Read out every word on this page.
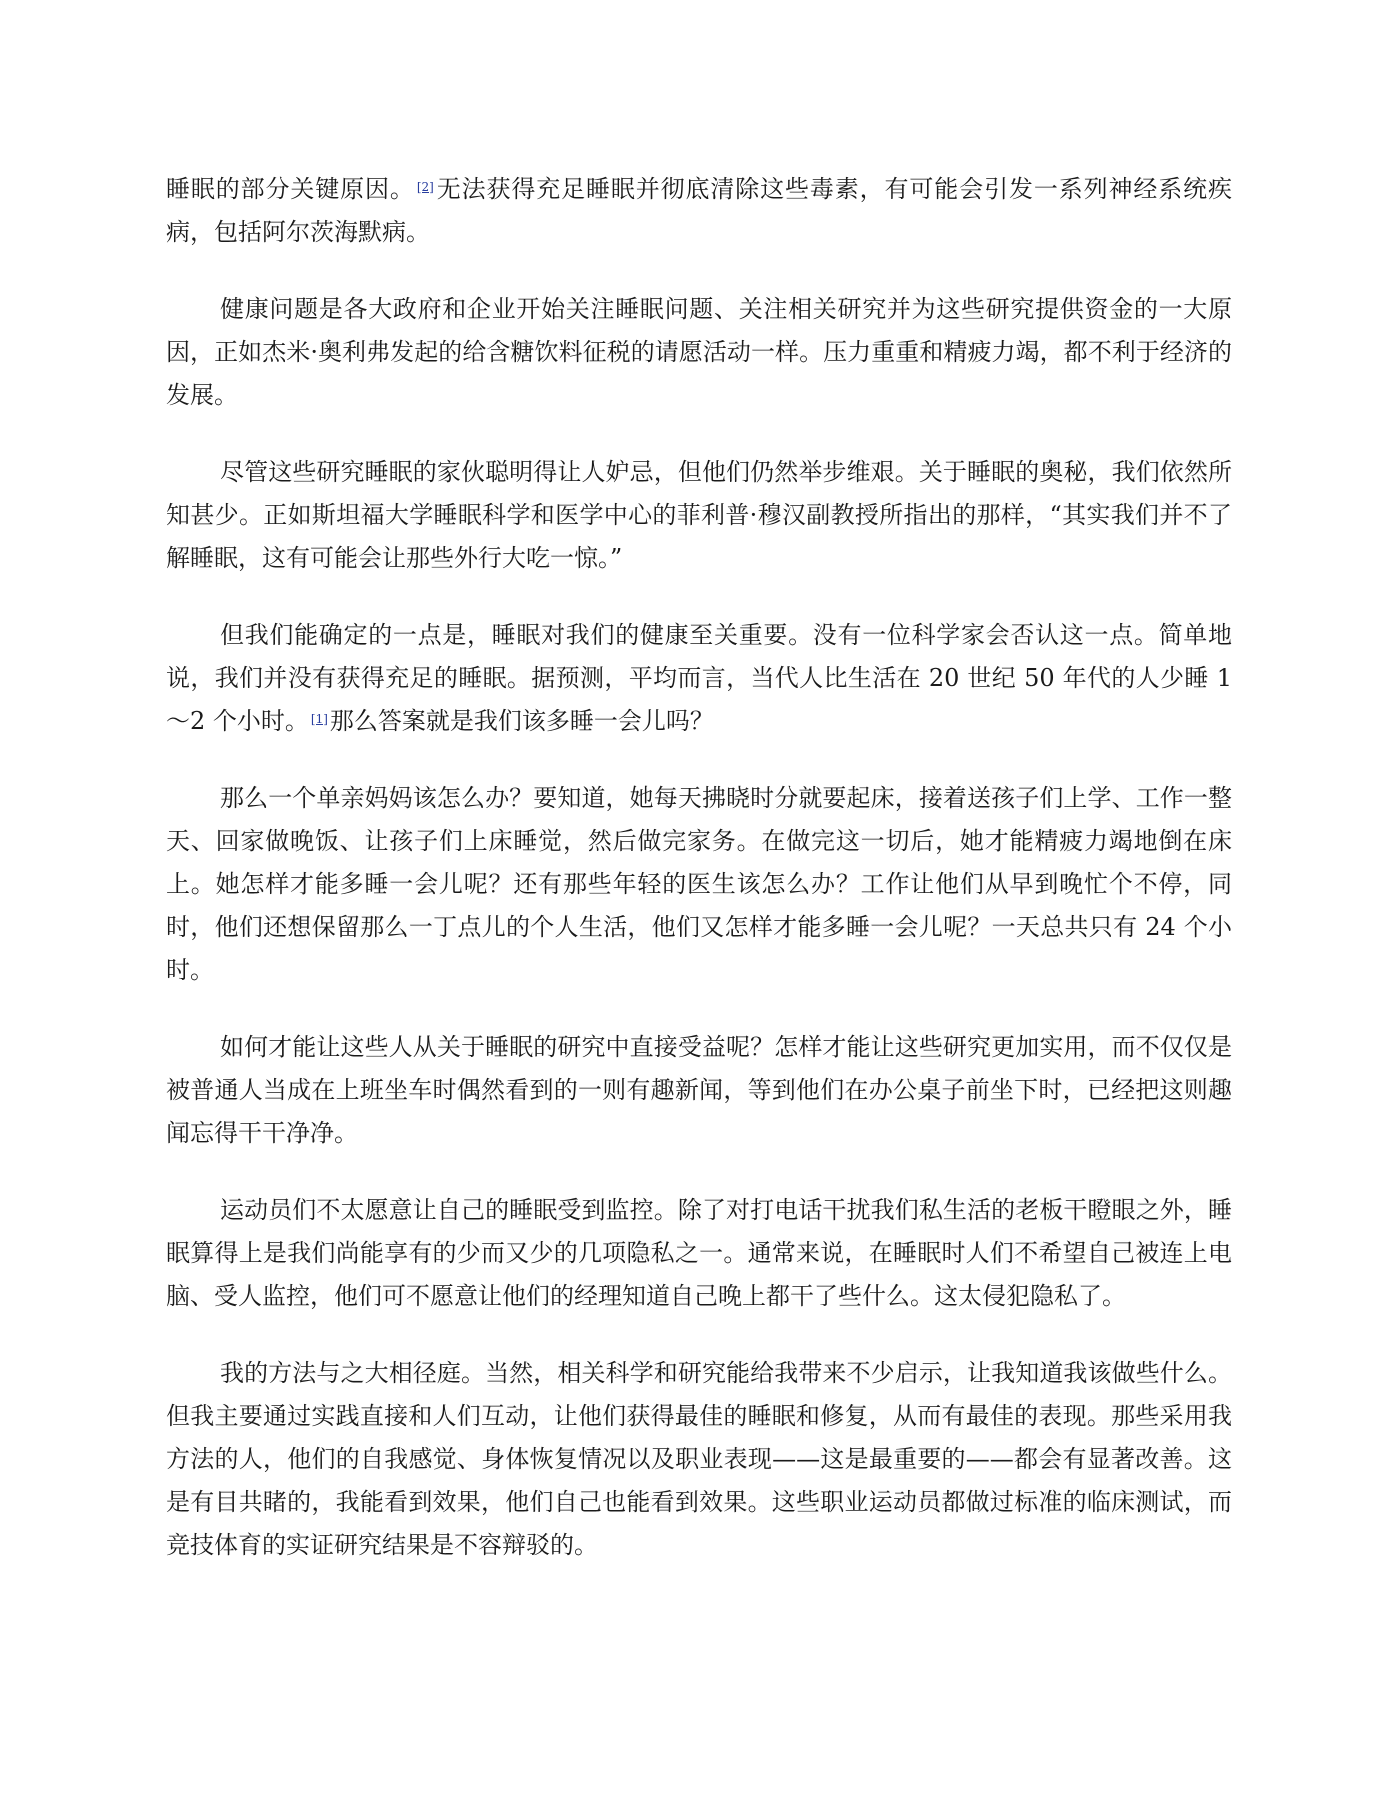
睡眠的部分关键原因。 [2]无法获得充足睡眠并彻底清除这些毒素，有可能会引发一系列神经系统疾病，包括阿尔茨海默病。

健康问题是各大政府和企业开始关注睡眠问题、关注相关研究并为这些研究提供资金的一大原因，正如杰米·奥利弗发起的给含糖饮料征税的请愿活动一样。压力重重和精疲力竭，都不利于经济的发展。

尽管这些研究睡眠的家伙聪明得让人妒忌，但他们仍然举步维艰。关于睡眠的奥秘，我们依然所知甚少。正如斯坦福大学睡眠科学和医学中心的菲利普·穆汉副教授所指出的那样，“其实我们并不了解睡眠，这有可能会让那些外行大吃一惊。”

但我们能确定的一点是，睡眠对我们的健康至关重要。没有一位科学家会否认这一点。简单地说，我们并没有获得充足的睡眠。据预测，平均而言，当代人比生活在 20 世纪 50 年代的人少睡 1～2 个小时。 [1]那么答案就是我们该多睡一会儿吗？

那么一个单亲妈妈该怎么办？要知道，她每天拂晓时分就要起床，接着送孩子们上学、工作一整天、回家做晚饭、让孩子们上床睡觉，然后做完家务。在做完这一切后，她才能精疲力竭地倒在床上。她怎样才能多睡一会儿呢？还有那些年轻的医生该怎么办？工作让他们从早到晚忙个不停，同时，他们还想保留那么一丁点儿的个人生活，他们又怎样才能多睡一会儿呢？一天总共只有 24 个小时。

如何才能让这些人从关于睡眠的研究中直接受益呢？怎样才能让这些研究更加实用，而不仅仅是被普通人当成在上班坐车时偶然看到的一则有趣新闻，等到他们在办公桌子前坐下时，已经把这则趣闻忘得干干净净。

运动员们不太愿意让自己的睡眠受到监控。除了对打电话干扰我们私生活的老板干瞪眼之外，睡眠算得上是我们尚能享有的少而又少的几项隐私之一。通常来说，在睡眠时人们不希望自己被连上电脑、受人监控，他们可不愿意让他们的经理知道自己晚上都干了些什么。这太侵犯隐私了。

我的方法与之大相径庭。当然，相关科学和研究能给我带来不少启示，让我知道我该做些什么。但我主要通过实践直接和人们互动，让他们获得最佳的睡眠和修复，从而有最佳的表现。那些采用我方法的人，他们的自我感觉、身体恢复情况以及职业表现——这是最重要的——都会有显著改善。这是有目共睹的，我能看到效果，他们自己也能看到效果。这些职业运动员都做过标准的临床测试，而竞技体育的实证研究结果是不容辩驳的。
